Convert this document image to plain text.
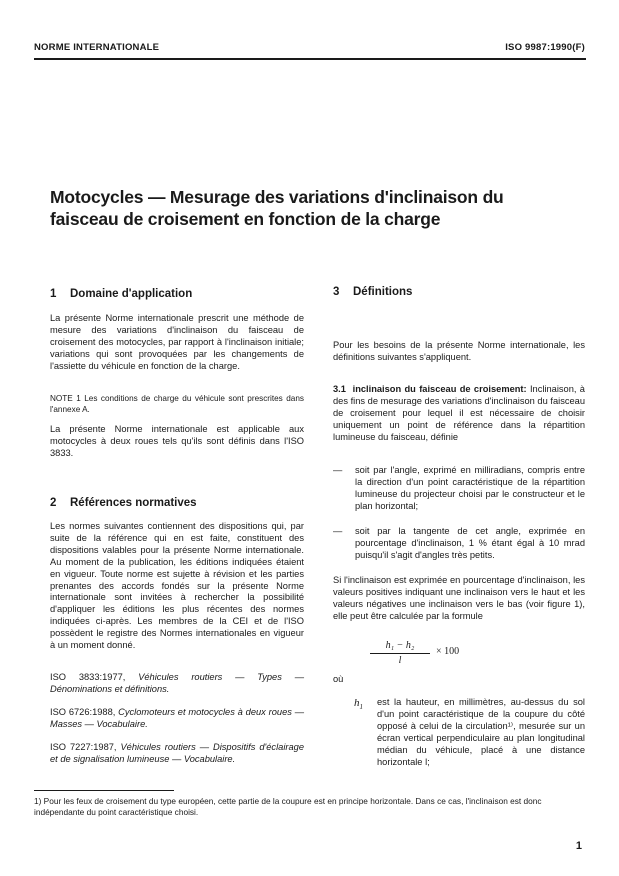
NORME INTERNATIONALE	ISO 9987:1990(F)
Motocycles — Mesurage des variations d'inclinaison du
faisceau de croisement en fonction de la charge
1 Domaine d'application
La présente Norme internationale prescrit une méthode de mesure des variations d'inclinaison du faisceau de croisement des motocycles, par rapport à l'inclinaison initiale; variations qui sont provoquées par les changements de l'assiette du véhicule en fonction de la charge.
NOTE 1 Les conditions de charge du véhicule sont prescrites dans l'annexe A.
La présente Norme internationale est applicable aux motocycles à deux roues tels qu'ils sont définis dans l'ISO 3833.
2 Références normatives
Les normes suivantes contiennent des dispositions qui, par suite de la référence qui en est faite, constituent des dispositions valables pour la présente Norme internationale. Au moment de la publication, les éditions indiquées étaient en vigueur. Toute norme est sujette à révision et les parties prenantes des accords fondés sur la présente Norme internationale sont invitées à rechercher la possibilité d'appliquer les éditions les plus récentes des normes indiquées ci-après. Les membres de la CEI et de l'ISO possèdent le registre des Normes internationales en vigueur à un moment donné.
ISO 3833:1977, Véhicules routiers — Types — Dénominations et définitions.
ISO 6726:1988, Cyclomoteurs et motocycles à deux roues — Masses — Vocabulaire.
ISO 7227:1987, Véhicules routiers — Dispositifs d'éclairage et de signalisation lumineuse — Vocabulaire.
3 Définitions
Pour les besoins de la présente Norme internationale, les définitions suivantes s'appliquent.
3.1 inclinaison du faisceau de croisement: Inclinaison, à des fins de mesurage des variations d'inclinaison du faisceau de croisement pour lequel il est nécessaire de choisir uniquement un point de référence dans la répartition lumineuse du faisceau, définie
— soit par l'angle, exprimé en milliradians, compris entre la direction d'un point caractéristique de la répartition lumineuse du projecteur choisi par le constructeur et le plan horizontal;
— soit par la tangente de cet angle, exprimée en pourcentage d'inclinaison, 1 % étant égal à 10 mrad puisqu'il s'agit d'angles très petits.
Si l'inclinaison est exprimée en pourcentage d'inclinaison, les valeurs positives indiquant une inclinaison vers le haut et les valeurs négatives une inclinaison vers le bas (voir figure 1), elle peut être calculée par la formule
h₁ − h₂
l
× 100
où
$h_1$
est la hauteur, en millimètres, au-dessus du sol d'un point caractéristique de la coupure du côté opposé à celui de la circulation¹⁾, mesurée sur un écran vertical perpendiculaire au plan longitudinal médian du véhicule, placé à une distance horizontale l;
1) Pour les feux de croisement du type européen, cette partie de la coupure est en principe horizontale. Dans ce cas, l'inclinaison est donc indépendante du point caractéristique choisi.
1
